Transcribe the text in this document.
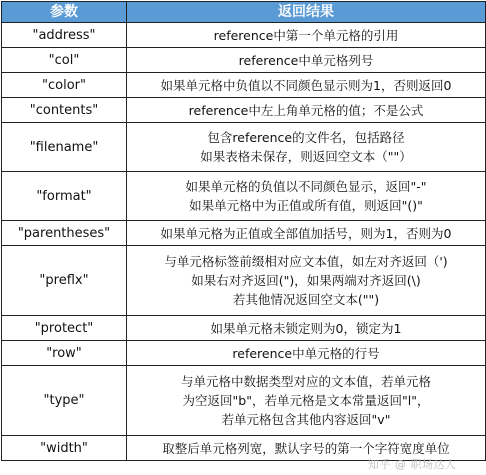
参数	返回结果
"address"	reference中第一个单元格的引用

"col"	reference中单元格列号

"color"	如果单元格中负值以不同颜色显示则为1，否则返回0

"contents"	reference中左上角单元格的值；不是公式

"filename"	包含reference的文件名，包括路径
如果表格未保存，则返回空文本（""）

"format"	如果单元格的负值以不同颜色显示，返回"-"
如果单元格中为正值或所有值，则返回"()"

"parentheses"	如果单元格为正值或全部值加括号，则为1，否则为0

"preflx"	与单元格标签前缀相对应文本值，如左对齐返回（')
如果右对齐返回(")，如果两端对齐返回(\)
若其他情况返回空文本("")

"protect"	如果单元格未锁定则为0，锁定为1

"row"	reference中单元格的行号

"type"	与单元格中数据类型对应的文本值，若单元格
为空返回"b"，若单元格是文本常量返回"l"，
若单元格包含其他内容返回"v"

"width"	取整后单元格列宽，默认字号的第一个字符宽度单位
知乎 @ 职场达人
